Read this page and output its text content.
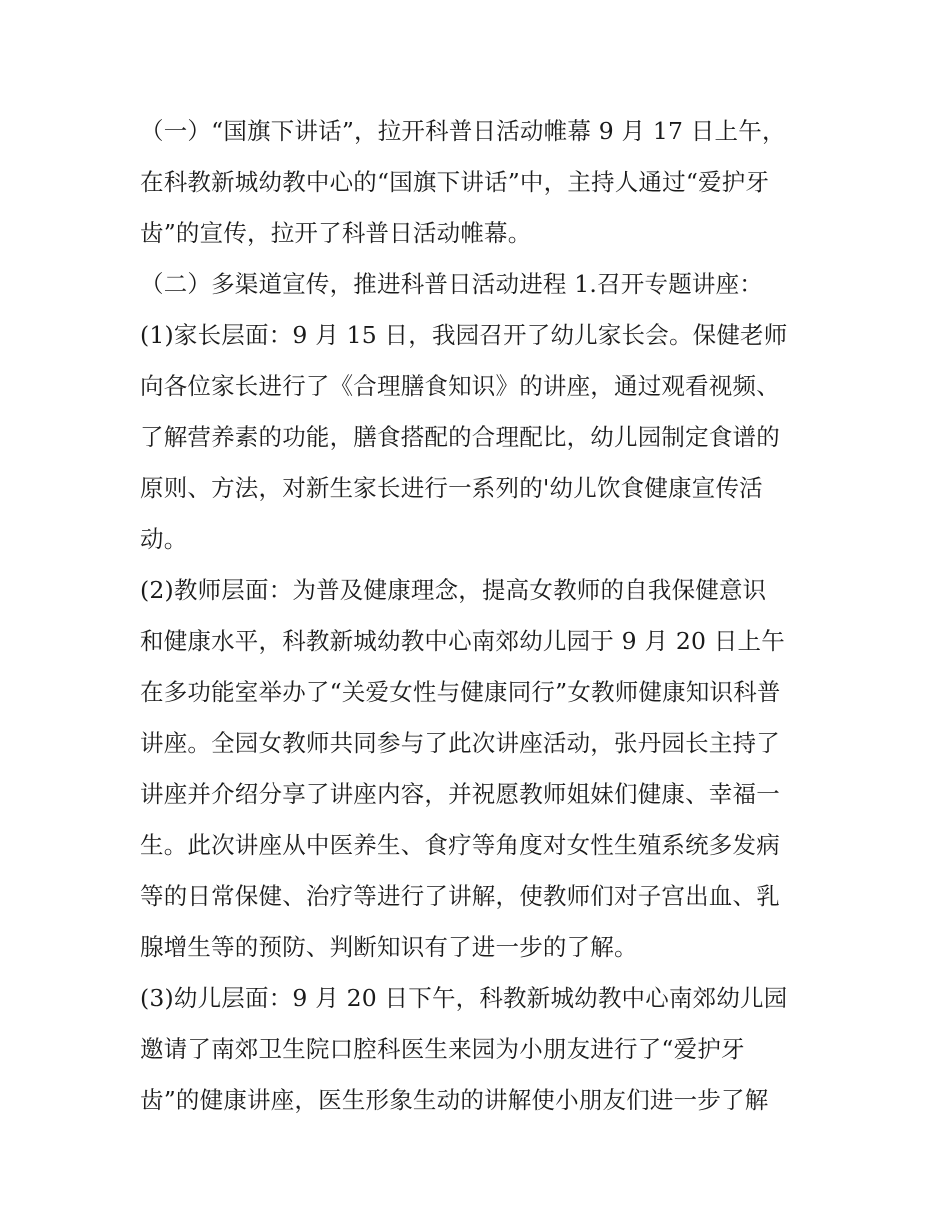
（一）“国旗下讲话”，拉开科普日活动帷幕 9 月 17 日上午，
在科教新城幼教中心的“国旗下讲话”中，主持人通过“爱护牙
齿”的宣传，拉开了科普日活动帷幕。
（二）多渠道宣传，推进科普日活动进程 1.召开专题讲座：
(1)家长层面：9 月 15 日，我园召开了幼儿家长会。保健老师
向各位家长进行了《合理膳食知识》的讲座，通过观看视频、
了解营养素的功能，膳食搭配的合理配比，幼儿园制定食谱的
原则、方法，对新生家长进行一系列的'幼儿饮食健康宣传活
动。
(2)教师层面：为普及健康理念，提高女教师的自我保健意识
和健康水平，科教新城幼教中心南郊幼儿园于 9 月 20 日上午
在多功能室举办了“关爱女性与健康同行”女教师健康知识科普
讲座。全园女教师共同参与了此次讲座活动，张丹园长主持了
讲座并介绍分享了讲座内容，并祝愿教师姐妹们健康、幸福一
生。此次讲座从中医养生、食疗等角度对女性生殖系统多发病
等的日常保健、治疗等进行了讲解，使教师们对子宫出血、乳
腺增生等的预防、判断知识有了进一步的了解。
(3)幼儿层面：9 月 20 日下午，科教新城幼教中心南郊幼儿园
邀请了南郊卫生院口腔科医生来园为小朋友进行了“爱护牙
齿”的健康讲座，医生形象生动的讲解使小朋友们进一步了解
